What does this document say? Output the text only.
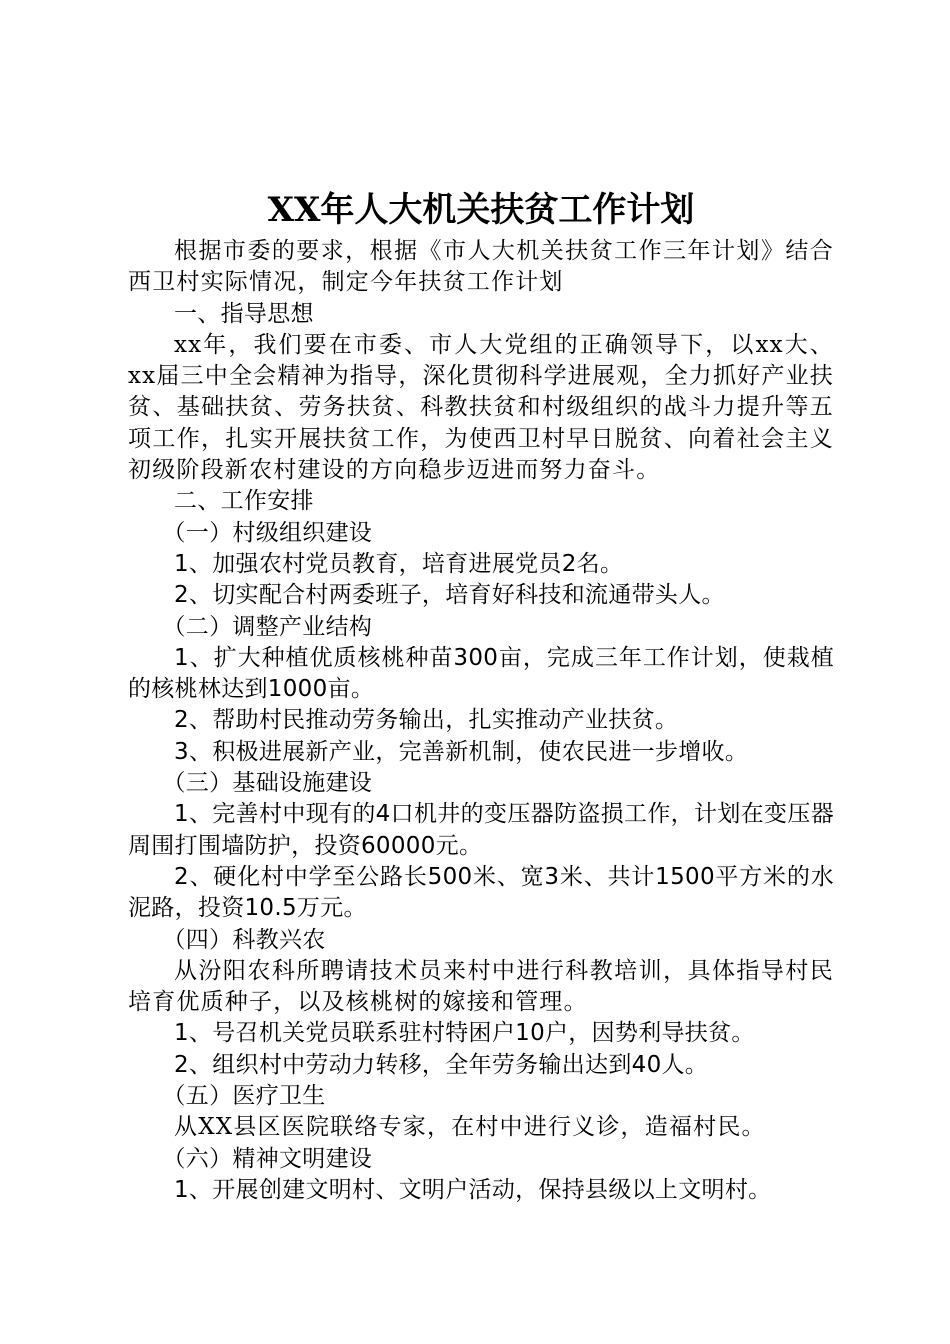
XX年人大机关扶贫工作计划

根据市委的要求，根据《市人大机关扶贫工作三年计划》结合西卫村实际情况，制定今年扶贫工作计划

一、指导思想

xx年，我们要在市委、市人大党组的正确领导下，以xx大、xx届三中全会精神为指导，深化贯彻科学进展观，全力抓好产业扶贫、基础扶贫、劳务扶贫、科教扶贫和村级组织的战斗力提升等五项工作，扎实开展扶贫工作，为使西卫村早日脱贫、向着社会主义初级阶段新农村建设的方向稳步迈进而努力奋斗。

二、工作安排

（一）村级组织建设

1、加强农村党员教育，培育进展党员2名。

2、切实配合村两委班子，培育好科技和流通带头人。

（二）调整产业结构

1、扩大种植优质核桃种苗300亩，完成三年工作计划，使栽植的核桃林达到1000亩。

2、帮助村民推动劳务输出，扎实推动产业扶贫。

3、积极进展新产业，完善新机制，使农民进一步增收。

（三）基础设施建设

1、完善村中现有的4口机井的变压器防盗损工作，计划在变压器周围打围墙防护，投资60000元。

2、硬化村中学至公路长500米、宽3米、共计1500平方米的水泥路，投资10.5万元。

（四）科教兴农

从汾阳农科所聘请技术员来村中进行科教培训，具体指导村民培育优质种子，以及核桃树的嫁接和管理。

1、号召机关党员联系驻村特困户10户，因势利导扶贫。

2、组织村中劳动力转移，全年劳务输出达到40人。

（五）医疗卫生

从XX县区医院联络专家，在村中进行义诊，造福村民。

（六）精神文明建设

1、开展创建文明村、文明户活动，保持县级以上文明村。
